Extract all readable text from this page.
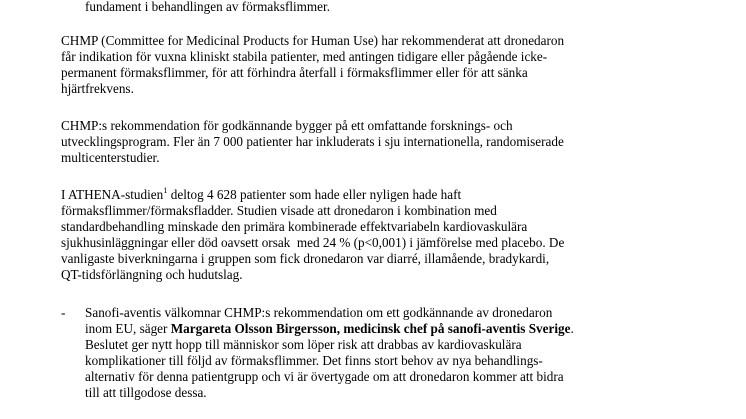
fundament i behandlingen av förmaksflimmer.
CHMP (Committee for Medicinal Products for Human Use) har rekommenderat att dronedaron
får indikation för vuxna kliniskt stabila patienter, med antingen tidigare eller pågående icke-
permanent förmaksflimmer, för att förhindra återfall i förmaksflimmer eller för att sänka
hjärtfrekvens.
CHMP:s rekommendation för godkännande bygger på ett omfattande forsknings- och
utvecklingsprogram. Fler än 7 000 patienter har inkluderats i sju internationella, randomiserade
multicenterstudier.
I ATHENA-studien$^1$ deltog 4 628 patienter som hade eller nyligen hade haft
förmaksflimmer/förmaksfladder. Studien visade att dronedaron i kombination med
standardbehandling minskade den primära kombinerade effektvariabeln kardiovaskulära
sjukhusinläggningar eller död oavsett orsak  med 24 % (p<0,001) i jämförelse med placebo. De
vanligaste biverkningarna i gruppen som fick dronedaron var diarré, illamående, bradykardi,
QT-tidsförlängning och hudutslag.
- Sanofi-aventis välkomnar CHMP:s rekommendation om ett godkännande av dronedaron
inom EU, säger Margareta Olsson Birgersson, medicinsk chef på sanofi-aventis Sverige.
Beslutet ger nytt hopp till människor som löper risk att drabbas av kardiovaskulära
komplikationer till följd av förmaksflimmer. Det finns stort behov av nya behandlings-
alternativ för denna patientgrupp och vi är övertygade om att dronedaron kommer att bidra
till att tillgodose dessa.
